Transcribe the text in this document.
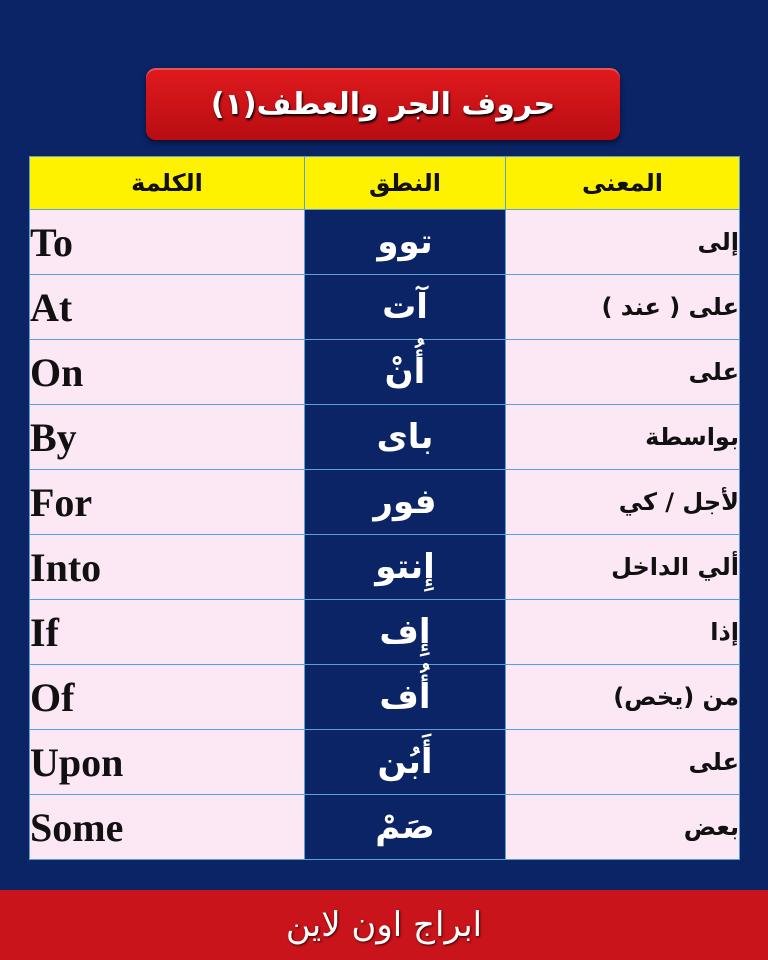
حروف الجر والعطف(١)
الكلمة	النطق	المعنى
To	توو	إلى
At	آت	على ( عند )
On	أُنْ	على
By	باى	بواسطة
For	فور	لأجل / كي
Into	إِنتو	ألي الداخل
If	إِف	إذا
Of	أُف	من (يخص)
Upon	أَبُن	على
Some	صَمْ	بعض
ابراج اون لاين
